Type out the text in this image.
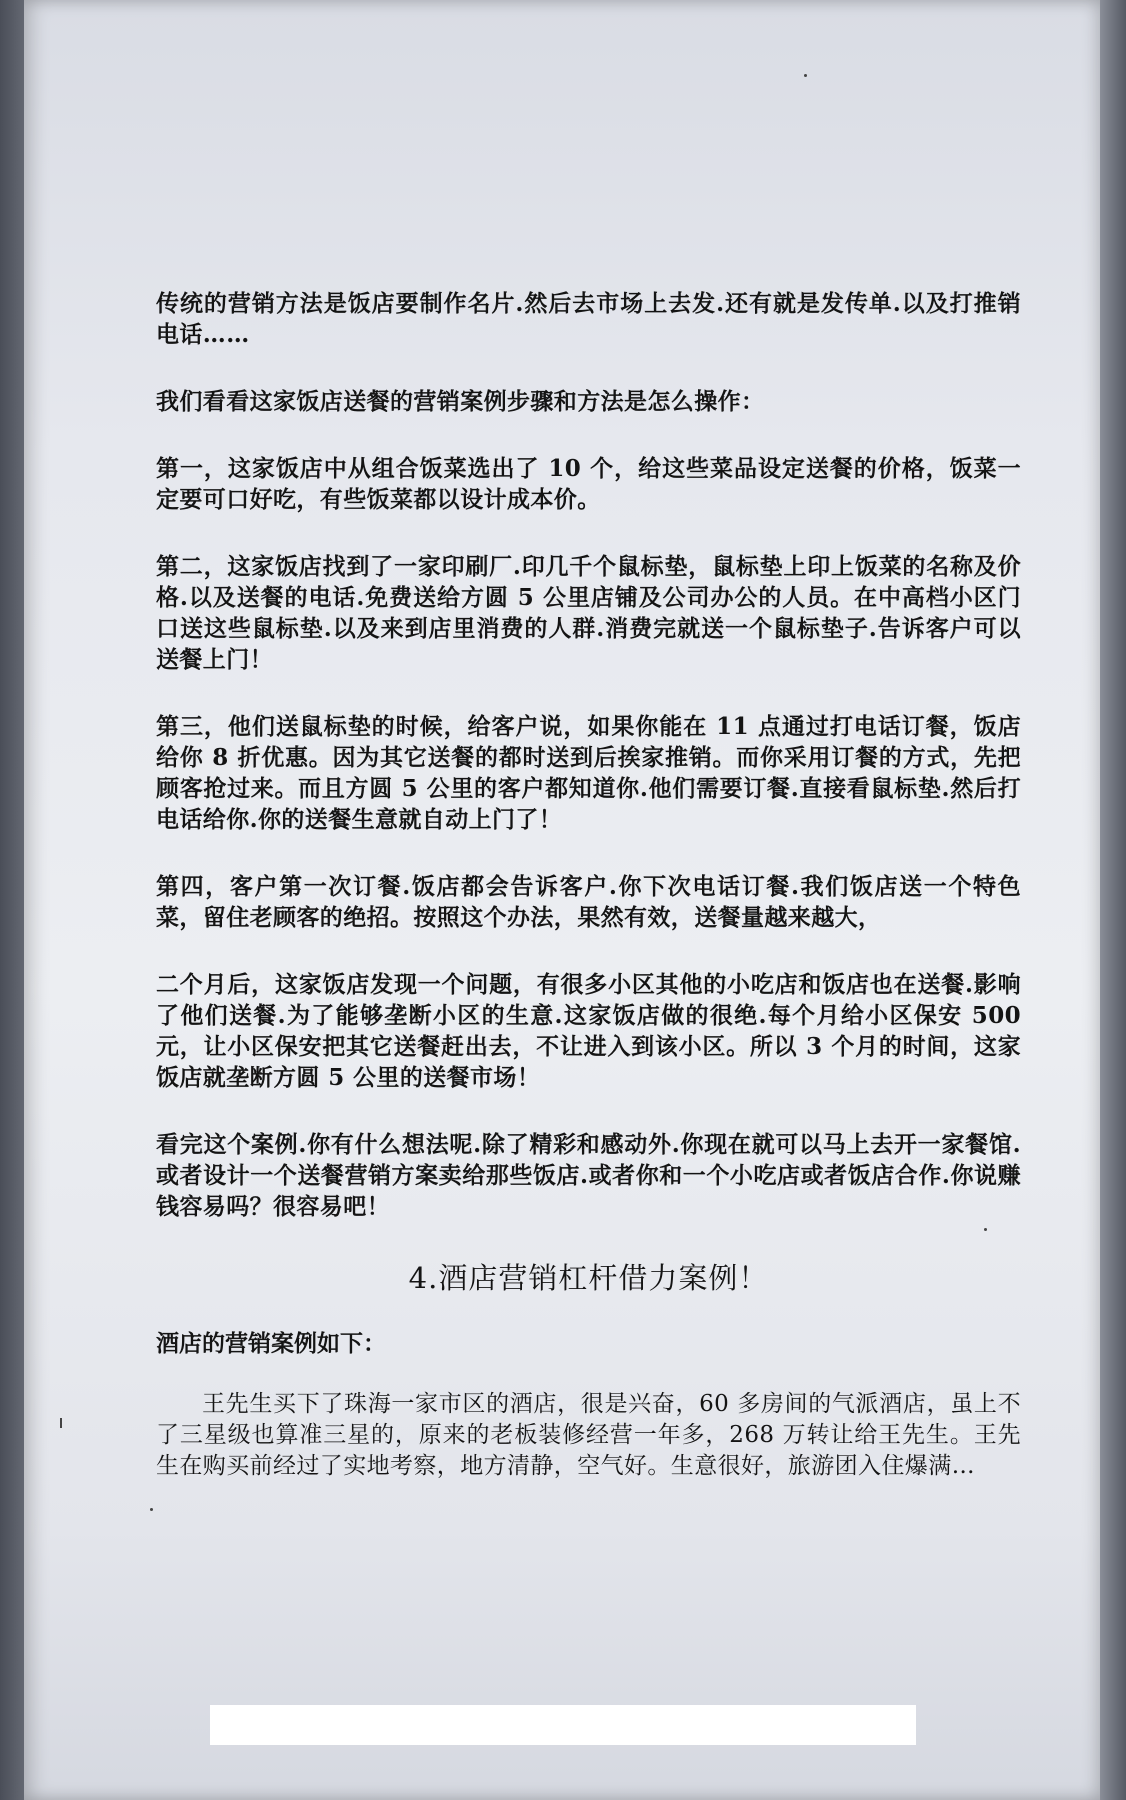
传统的营销方法是饭店要制作名片.然后去市场上去发.还有就是发传单.以及打推销电话……

我们看看这家饭店送餐的营销案例步骤和方法是怎么操作：

第一，这家饭店中从组合饭菜选出了 10 个，给这些菜品设定送餐的价格，饭菜一定要可口好吃，有些饭菜都以设计成本价。

第二，这家饭店找到了一家印刷厂.印几千个鼠标垫，鼠标垫上印上饭菜的名称及价格.以及送餐的电话.免费送给方圆 5 公里店铺及公司办公的人员。在中高档小区门口送这些鼠标垫.以及来到店里消费的人群.消费完就送一个鼠标垫子.告诉客户可以送餐上门！

第三，他们送鼠标垫的时候，给客户说，如果你能在 11 点通过打电话订餐，饭店给你 8 折优惠。因为其它送餐的都时送到后挨家推销。而你采用订餐的方式，先把顾客抢过来。而且方圆 5 公里的客户都知道你.他们需要订餐.直接看鼠标垫.然后打电话给你.你的送餐生意就自动上门了！

第四，客户第一次订餐.饭店都会告诉客户.你下次电话订餐.我们饭店送一个特色菜，留住老顾客的绝招。按照这个办法，果然有效，送餐量越来越大，

二个月后，这家饭店发现一个问题，有很多小区其他的小吃店和饭店也在送餐.影响了他们送餐.为了能够垄断小区的生意.这家饭店做的很绝.每个月给小区保安 500 元，让小区保安把其它送餐赶出去，不让进入到该小区。所以 3 个月的时间，这家饭店就垄断方圆 5 公里的送餐市场！

看完这个案例.你有什么想法呢.除了精彩和感动外.你现在就可以马上去开一家餐馆.或者设计一个送餐营销方案卖给那些饭店.或者你和一个小吃店或者饭店合作.你说赚钱容易吗？很容易吧！

4.酒店营销杠杆借力案例！

酒店的营销案例如下：

王先生买下了珠海一家市区的酒店，很是兴奋，60 多房间的气派酒店，虽上不了三星级也算准三星的，原来的老板装修经营一年多，268 万转让给王先生。王先生在购买前经过了实地考察，地方清静，空气好。生意很好，旅游团入住爆满…
